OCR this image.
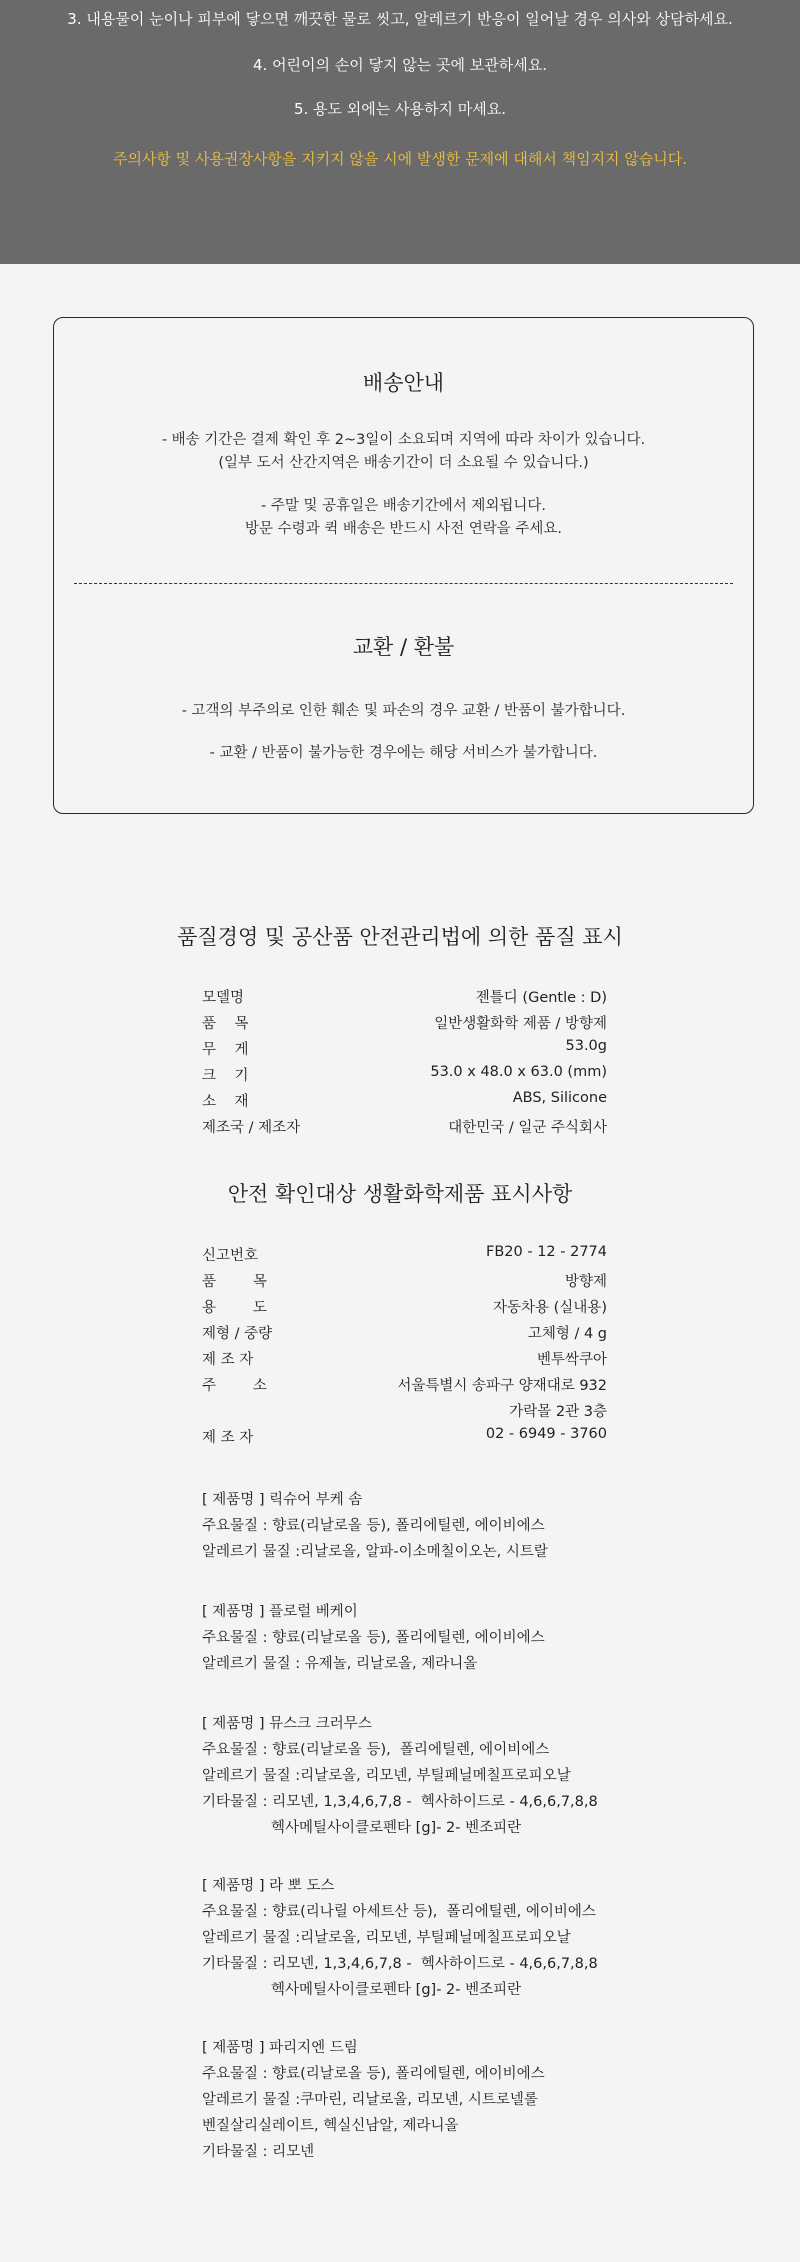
3. 내용물이 눈이나 피부에 닿으면 깨끗한 물로 씻고, 알레르기 반응이 일어날 경우 의사와 상담하세요.
4. 어린이의 손이 닿지 않는 곳에 보관하세요.
5. 용도 외에는 사용하지 마세요.
주의사항 및 사용권장사항을 지키지 않을 시에 발생한 문제에 대해서 책임지지 않습니다.
배송안내
- 배송 기간은 결제 확인 후 2~3일이 소요되며 지역에 따라 차이가 있습니다.
(일부 도서 산간지역은 배송기간이 더 소요될 수 있습니다.)
- 주말 및 공휴일은 배송기간에서 제외됩니다.
방문 수령과 퀵 배송은 반드시 사전 연락을 주세요.
교환 / 환불
- 고객의 부주의로 인한 훼손 및 파손의 경우 교환 / 반품이 불가합니다.
- 교환 / 반품이 불가능한 경우에는 해당 서비스가 불가합니다.
품질경영 및 공산품 안전관리법에 의한 품질 표시
모델명	젠틀디 (Gentle : D)
품    목	일반생활화학 제품 / 방향제
무    게	53.0g
크    기	53.0 x 48.0 x 63.0 (mm)
소    재	ABS, Silicone
제조국 / 제조자	대한민국 / 일군 주식회사
안전 확인대상 생활화학제품 표시사항
신고번호	FB20 - 12 - 2774
품        목	방향제
용        도	자동차용 (실내용)
제형 / 중량	고체형 / 4 g
제 조 자	벤투싹쿠아
주        소	서울특별시 송파구 양재대로 932
가락몰 2관 3층
제 조 자	02 - 6949 - 3760
[ 제품명 ] 릭슈어 부케 솜
주요물질 : 향료(리날로올 등), 폴리에틸렌, 에이비에스
알레르기 물질 :리날로올, 알파-이소메칠이오논, 시트랄
[ 제품명 ] 플로럴 베케이
주요물질 : 향료(리날로올 등), 폴리에틸렌, 에이비에스
알레르기 물질 : 유제놀, 리날로올, 제라니올
[ 제품명 ] 뮤스크 크러무스
주요물질 : 향료(리날로올 등),  폴리에틸렌, 에이비에스
알레르기 물질 :리날로올, 리모넨, 부틸페닐메칠프로피오날
기타물질 : 리모넨, 1,3,4,6,7,8 -  헥사하이드로 - 4,6,6,7,8,8
헥사메틸사이클로펜타 [g]- 2- 벤조피란
[ 제품명 ] 라 뽀 도스
주요물질 : 향료(리나릴 아세트산 등),  폴리에틸렌, 에이비에스
알레르기 물질 :리날로올, 리모넨, 부틸페닐메칠프로피오날
기타물질 : 리모넨, 1,3,4,6,7,8 -  헥사하이드로 - 4,6,6,7,8,8
헥사메틸사이클로펜타 [g]- 2- 벤조피란
[ 제품명 ] 파리지엔 드림
주요물질 : 향료(리날로올 등), 폴리에틸렌, 에이비에스
알레르기 물질 :쿠마린, 리날로올, 리모넨, 시트로넬롤
벤질살리실레이트, 헥실신남알, 제라니올
기타물질 : 리모넨
